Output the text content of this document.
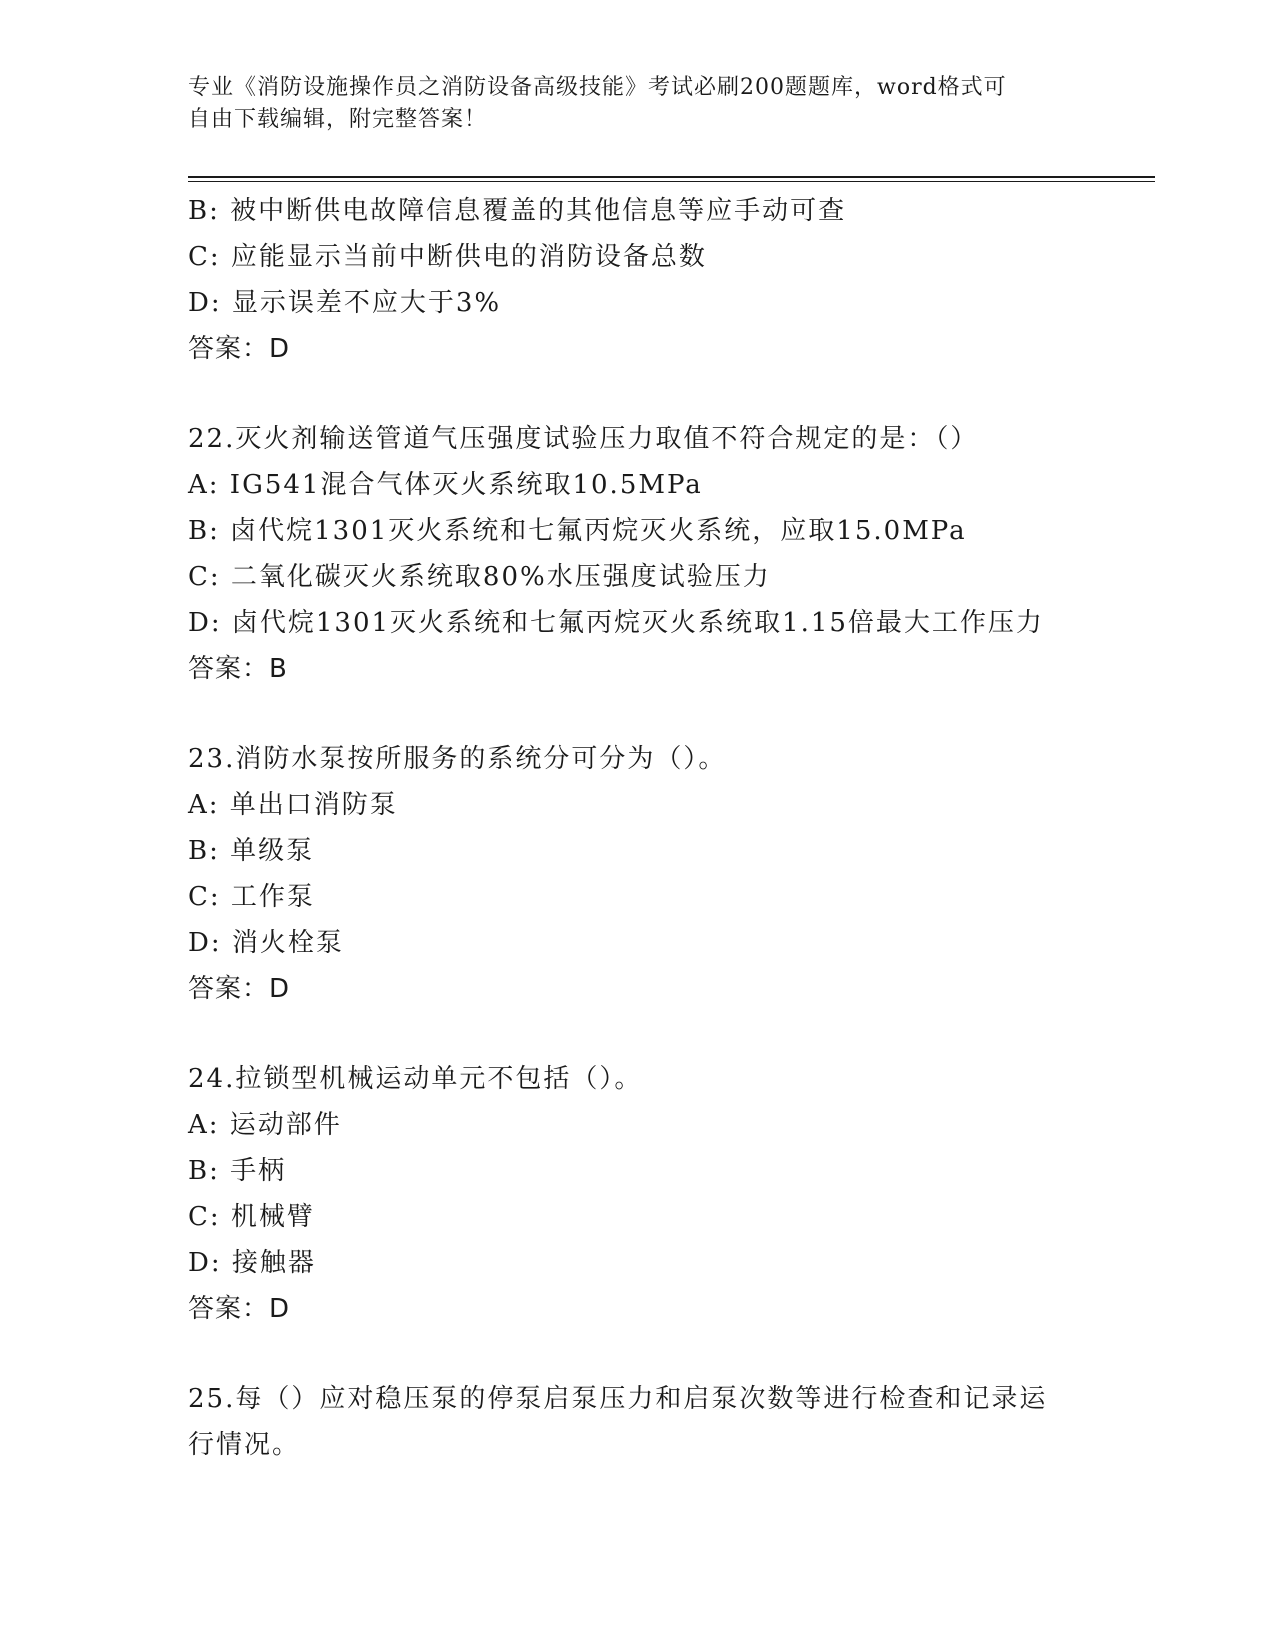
专业《消防设施操作员之消防设备高级技能》考试必刷200题题库，word格式可
自由下载编辑，附完整答案！
B: 被中断供电故障信息覆盖的其他信息等应手动可查
C: 应能显示当前中断供电的消防设备总数
D: 显示误差不应大于3%
答案：D
22.灭火剂输送管道气压强度试验压力取值不符合规定的是：（）
A: IG541混合气体灭火系统取10.5MPa
B: 卤代烷1301灭火系统和七氟丙烷灭火系统，应取15.0MPa
C: 二氧化碳灭火系统取80%水压强度试验压力
D: 卤代烷1301灭火系统和七氟丙烷灭火系统取1.15倍最大工作压力
答案：B
23.消防水泵按所服务的系统分可分为（）。
A: 单出口消防泵
B: 单级泵
C: 工作泵
D: 消火栓泵
答案：D
24.拉锁型机械运动单元不包括（）。
A: 运动部件
B: 手柄
C: 机械臂
D: 接触器
答案：D
25.每（）应对稳压泵的停泵启泵压力和启泵次数等进行检查和记录运
行情况。
